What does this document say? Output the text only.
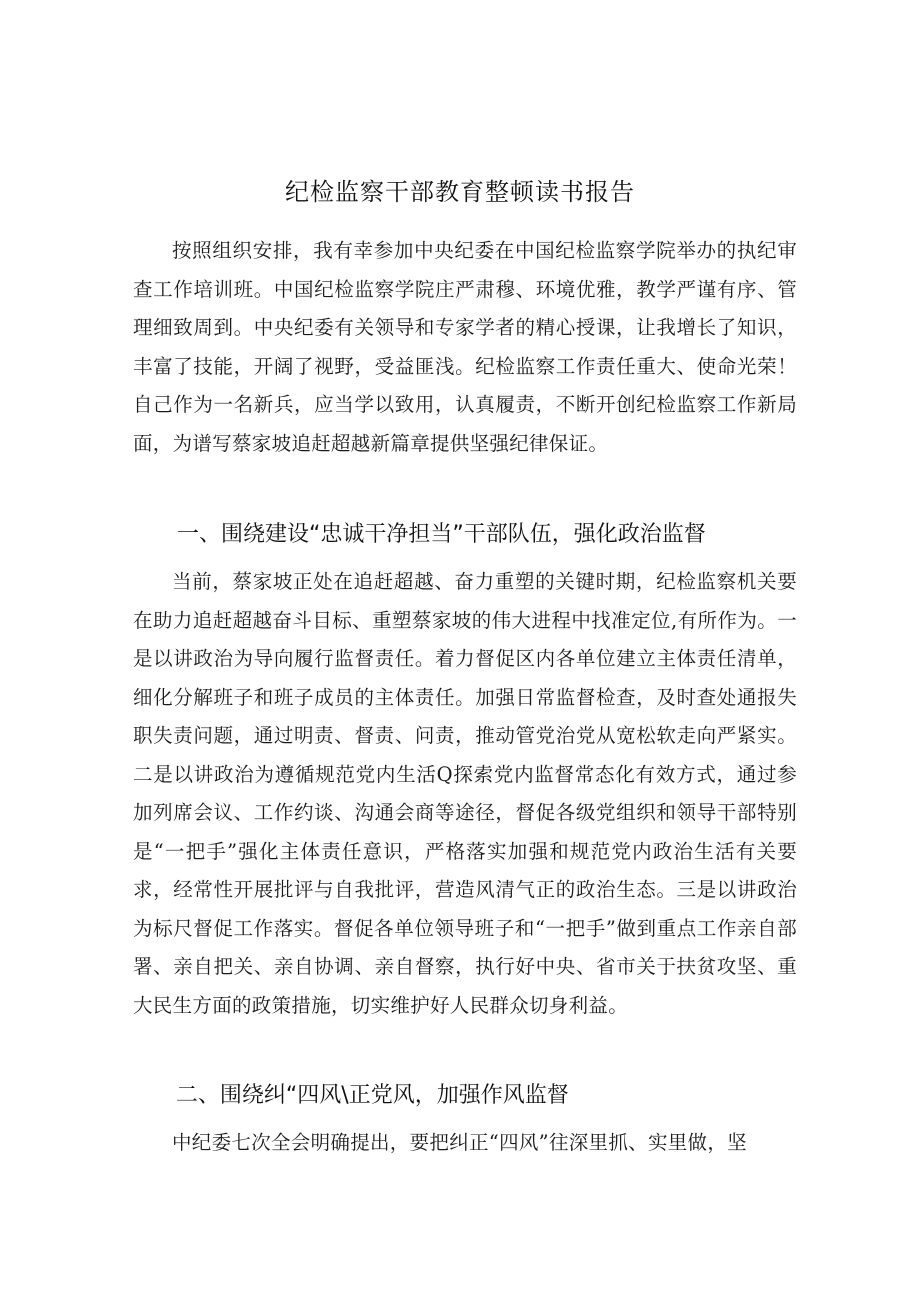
纪检监察干部教育整顿读书报告

按照组织安排，我有幸参加中央纪委在中国纪检监察学院举办的执纪审查工作培训班。中国纪检监察学院庄严肃穆、环境优雅，教学严谨有序、管理细致周到。中央纪委有关领导和专家学者的精心授课，让我增长了知识，丰富了技能，开阔了视野，受益匪浅。纪检监察工作责任重大、使命光荣！自己作为一名新兵，应当学以致用，认真履责，不断开创纪检监察工作新局面，为谱写蔡家坡追赶超越新篇章提供坚强纪律保证。

一、围绕建设“忠诚干净担当”干部队伍，强化政治监督

当前，蔡家坡正处在追赶超越、奋力重塑的关键时期，纪检监察机关要在助力追赶超越奋斗目标、重塑蔡家坡的伟大进程中找准定位,有所作为。一是以讲政治为导向履行监督责任。着力督促区内各单位建立主体责任清单，细化分解班子和班子成员的主体责任。加强日常监督检查，及时查处通报失职失责问题，通过明责、督责、问责，推动管党治党从宽松软走向严紧实。二是以讲政治为遵循规范党内生活Q探索党内监督常态化有效方式，通过参加列席会议、工作约谈、沟通会商等途径，督促各级党组织和领导干部特别是“一把手”强化主体责任意识，严格落实加强和规范党内政治生活有关要求，经常性开展批评与自我批评，营造风清气正的政治生态。三是以讲政治为标尺督促工作落实。督促各单位领导班子和“一把手”做到重点工作亲自部署、亲自把关、亲自协调、亲自督察，执行好中央、省市关于扶贫攻坚、重大民生方面的政策措施，切实维护好人民群众切身利益。

二、围绕纠“四风\正党风，加强作风监督

中纪委七次全会明确提出，要把纠正“四风”往深里抓、实里做，坚
